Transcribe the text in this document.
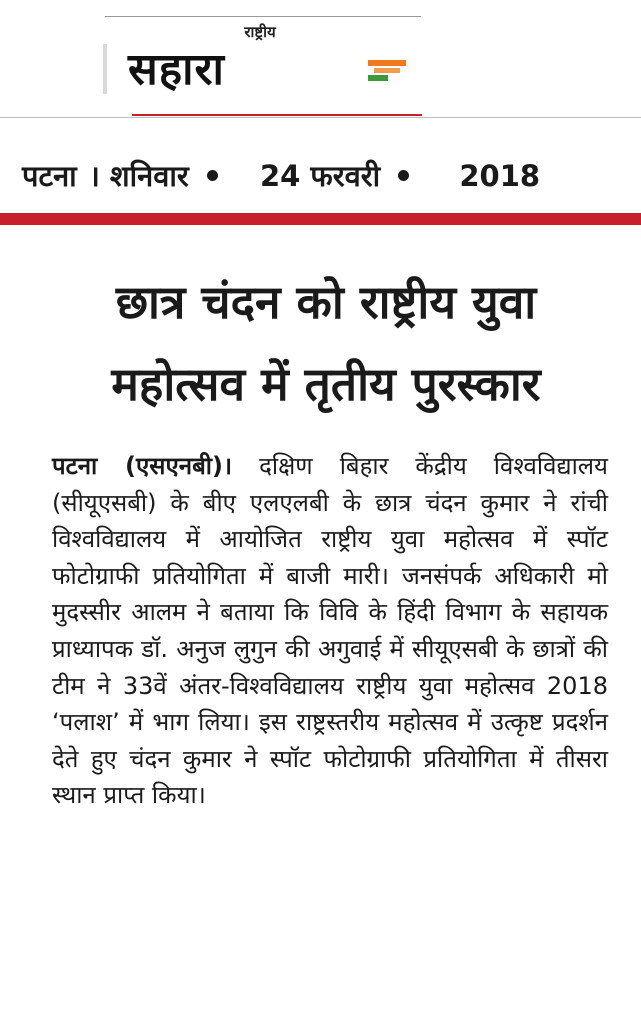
राष्ट्रीय
सहारा
पटना । शनिवार 24 फरवरी	2018
छात्र चंदन को राष्ट्रीय युवा
महोत्सव में तृतीय पुरस्कार
पटना (एसएनबी)। दक्षिण बिहार केंद्रीय विश्वविद्यालय (सीयूएसबी) के बीए एलएलबी के छात्र चंदन कुमार ने रांची विश्वविद्यालय में आयोजित राष्ट्रीय युवा महोत्सव में स्पॉट फोटोग्राफी प्रतियोगिता में बाजी मारी। जनसंपर्क अधिकारी मो मुदस्सीर आलम ने बताया कि विवि के हिंदी विभाग के सहायक प्राध्यापक डॉ. अनुज लुगुन की अगुवाई में सीयूएसबी के छात्रों की टीम ने 33वें अंतर-विश्वविद्यालय राष्ट्रीय युवा महोत्सव 2018 ‘पलाश’ में भाग लिया। इस राष्ट्रस्तरीय महोत्सव में उत्कृष्ट प्रदर्शन देते हुए चंदन कुमार ने स्पॉट फोटोग्राफी प्रतियोगिता में तीसरा स्थान प्राप्त किया।
